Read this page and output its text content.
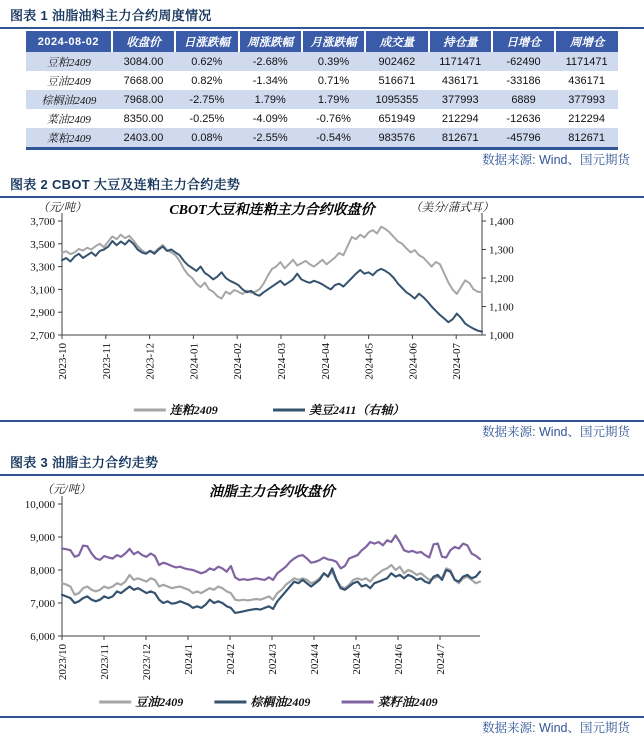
图表 1 油脂油料主力合约周度情况
2024-08-02	收盘价	日涨跌幅	周涨跌幅	月涨跌幅	成交量	持仓量	日增仓	周增仓
豆粕2409	3084.00	0.62%	-2.68%	0.39%	902462	1171471	-62490	1171471
豆油2409	7668.00	0.82%	-1.34%	0.71%	516671	436171	-33186	436171
棕榈油2409	7968.00	-2.75%	1.79%	1.79%	1095355	377993	6889	377993
菜油2409	8350.00	-0.25%	-4.09%	-0.76%	651949	212294	-12636	212294
菜粕2409	2403.00	0.08%	-2.55%	-0.54%	983576	812671	-45796	812671
数据来源: Wind、国元期货
图表 2 CBOT 大豆及连粕主力合约走势
CBOT大豆和连粕主力合约收盘价
（元/吨）	（美分/蒲式耳）
3,700
3,500
3,300
3,100
2,900
2,700
1,400
1,300
1,200
1,100
1,000
2023-10	2023-11	2023-12	2024-01	2024-02	2024-03	2024-04	2024-05	2024-06	2024-07
连粕2409	美豆2411（右轴）
数据来源: Wind、国元期货
图表 3 油脂主力合约走势
油脂主力合约收盘价
（元/吨）
10,000
9,000
8,000
7,000
6,000
2023/10	2023/11	2023/12	2024/1	2024/2	2024/3	2024/4	2024/5	2024/6	2024/7
豆油2409	棕榈油2409	菜籽油2409
数据来源: Wind、国元期货
